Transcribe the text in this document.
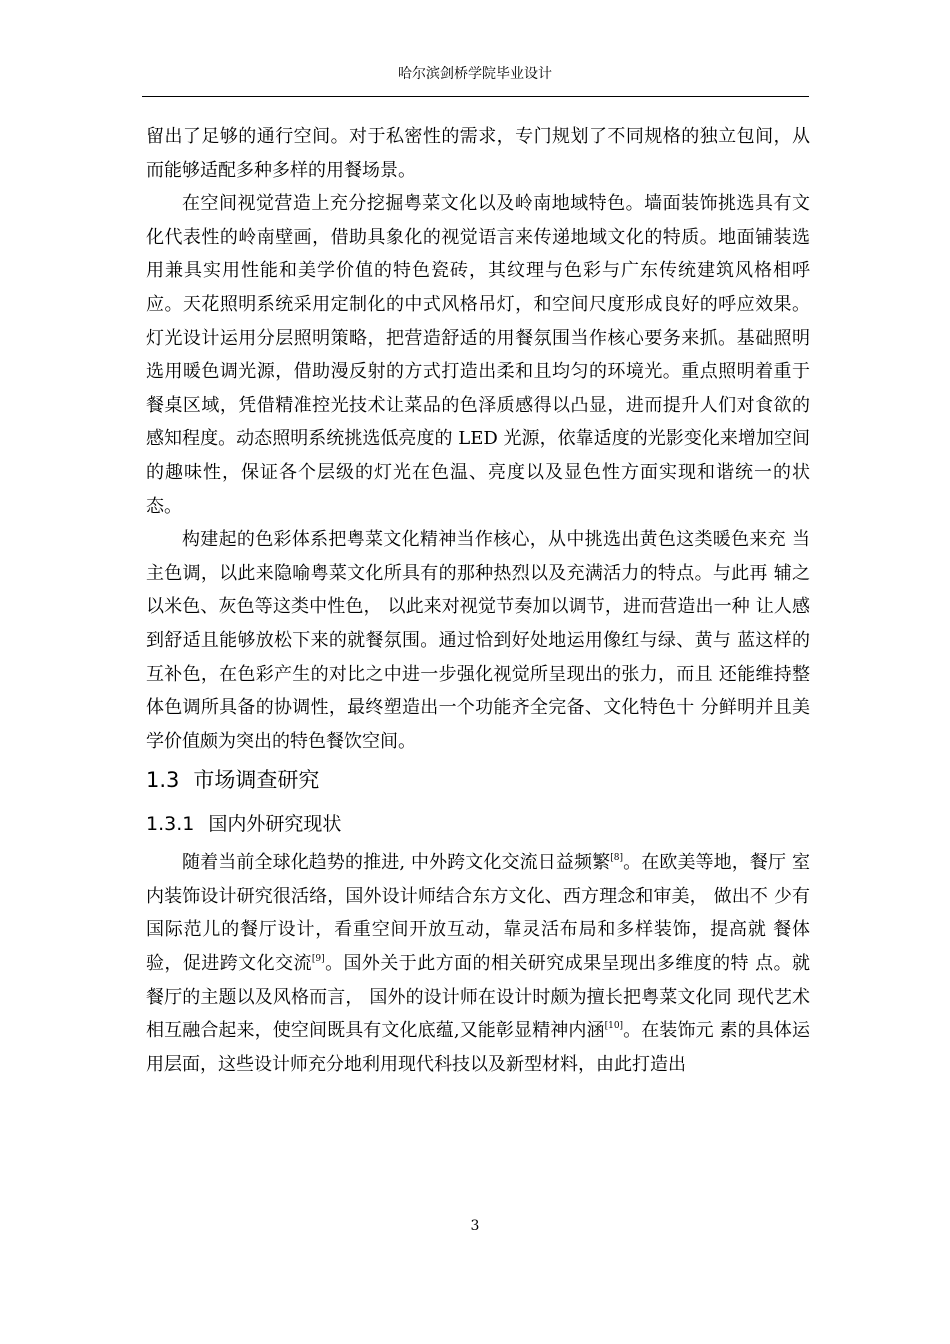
哈尔滨剑桥学院毕业设计

留出了足够的通行空间。对于私密性的需求，专门规划了不同规格的独立包间，从而能够适配多种多样的用餐场景。

在空间视觉营造上充分挖掘粤菜文化以及岭南地域特色。墙面装饰挑选具有文化代表性的岭南壁画，借助具象化的视觉语言来传递地域文化的特质。地面铺装选用兼具实用性能和美学价值的特色瓷砖，其纹理与色彩与广东传统建筑风格相呼应。天花照明系统采用定制化的中式风格吊灯，和空间尺度形成良好的呼应效果。灯光设计运用分层照明策略，把营造舒适的用餐氛围当作核心要务来抓。基础照明选用暖色调光源，借助漫反射的方式打造出柔和且均匀的环境光。重点照明着重于餐桌区域，凭借精准控光技术让菜品的色泽质感得以凸显，进而提升人们对食欲的感知程度。动态照明系统挑选低亮度的 LED 光源，依靠适度的光影变化来增加空间的趣味性，保证各个层级的灯光在色温、亮度以及显色性方面实现和谐统一的状态。

构建起的色彩体系把粤菜文化精神当作核心，从中挑选出黄色这类暖色来充 当主色调，以此来隐喻粤菜文化所具有的那种热烈以及充满活力的特点。与此再 辅之以米色、灰色等这类中性色， 以此来对视觉节奏加以调节，进而营造出一种 让人感到舒适且能够放松下来的就餐氛围。通过恰到好处地运用像红与绿、黄与 蓝这样的互补色，在色彩产生的对比之中进一步强化视觉所呈现出的张力，而且 还能维持整体色调所具备的协调性，最终塑造出一个功能齐全完备、文化特色十 分鲜明并且美学价值颇为突出的特色餐饮空间。

1.3 市场调查研究
1.3.1 国内外研究现状

随着当前全球化趋势的推进, 中外跨文化交流日益频繁[8]。在欧美等地，餐厅 室内装饰设计研究很活络，国外设计师结合东方文化、西方理念和审美， 做出不 少有国际范儿的餐厅设计，看重空间开放互动，靠灵活布局和多样装饰，提高就 餐体验，促进跨文化交流[9]。国外关于此方面的相关研究成果呈现出多维度的特 点。就餐厅的主题以及风格而言， 国外的设计师在设计时颇为擅长把粤菜文化同 现代艺术相互融合起来，使空间既具有文化底蕴,又能彰显精神内涵[10]。在装饰元 素的具体运用层面，这些设计师充分地利用现代科技以及新型材料，由此打造出

3
